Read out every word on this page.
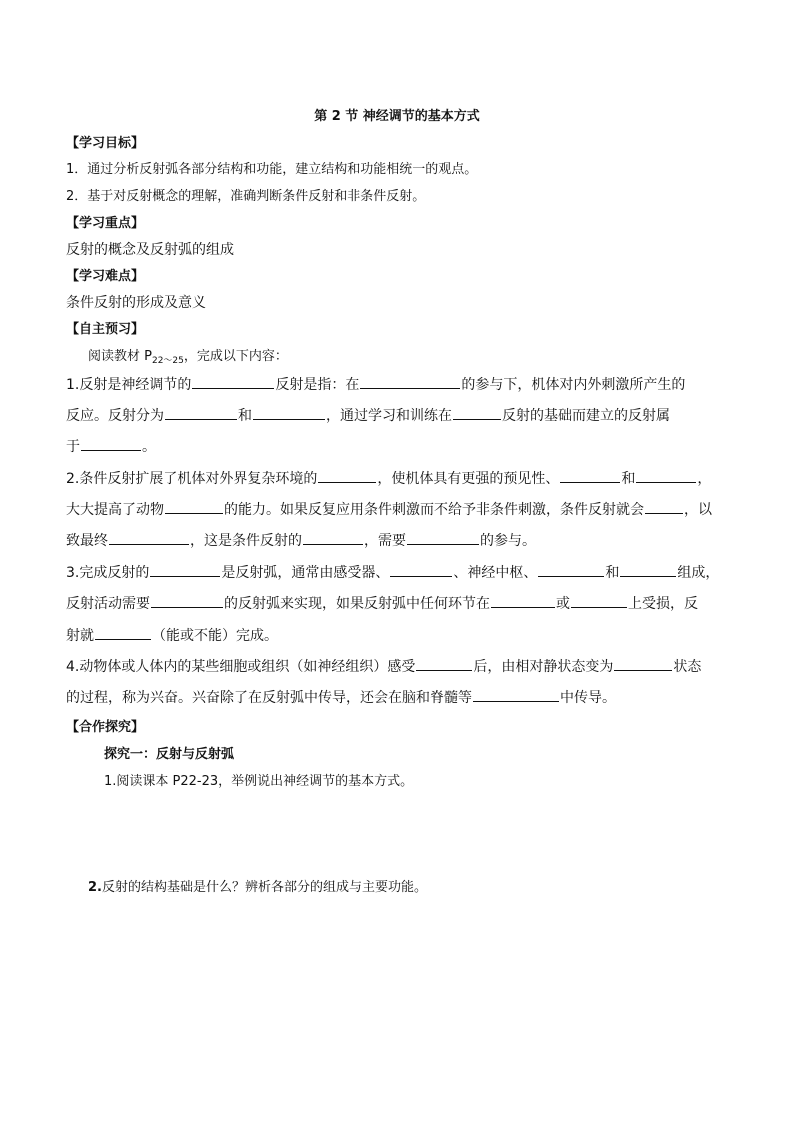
第 2 节 神经调节的基本方式
【学习目标】
1．通过分析反射弧各部分结构和功能，建立结构和功能相统一的观点。
2．基于对反射概念的理解，准确判断条件反射和非条件反射。
【学习重点】
反射的概念及反射弧的组成
【学习难点】
条件反射的形成及意义
【自主预习】
阅读教材 $P_{22\sim 25}$，完成以下内容：
1.反射是神经调节的	反射是指：在	的参与下，机体对内外刺激所产生的
反应。反射分为	和	，通过学习和训练在	反射的基础而建立的反射属
于	。
2.条件反射扩展了机体对外界复杂环境的	，使机体具有更强的预见性、	和	，
大大提高了动物	的能力。如果反复应用条件刺激而不给予非条件刺激，条件反射就会	，以
致最终	，这是条件反射的	，需要	的参与。
3.完成反射的	是反射弧，通常由感受器、	、神经中枢、	和	组成，
反射活动需要	的反射弧来实现，如果反射弧中任何环节在	或	上受损，反
射就	（能或不能）完成。
4.动物体或人体内的某些细胞或组织（如神经组织）感受	后，由相对静状态变为	状态
的过程，称为兴奋。兴奋除了在反射弧中传导，还会在脑和脊髓等	中传导。
【合作探究】
探究一：反射与反射弧
1.阅读课本 P22-23，举例说出神经调节的基本方式。
2.反射的结构基础是什么？辨析各部分的组成与主要功能。
